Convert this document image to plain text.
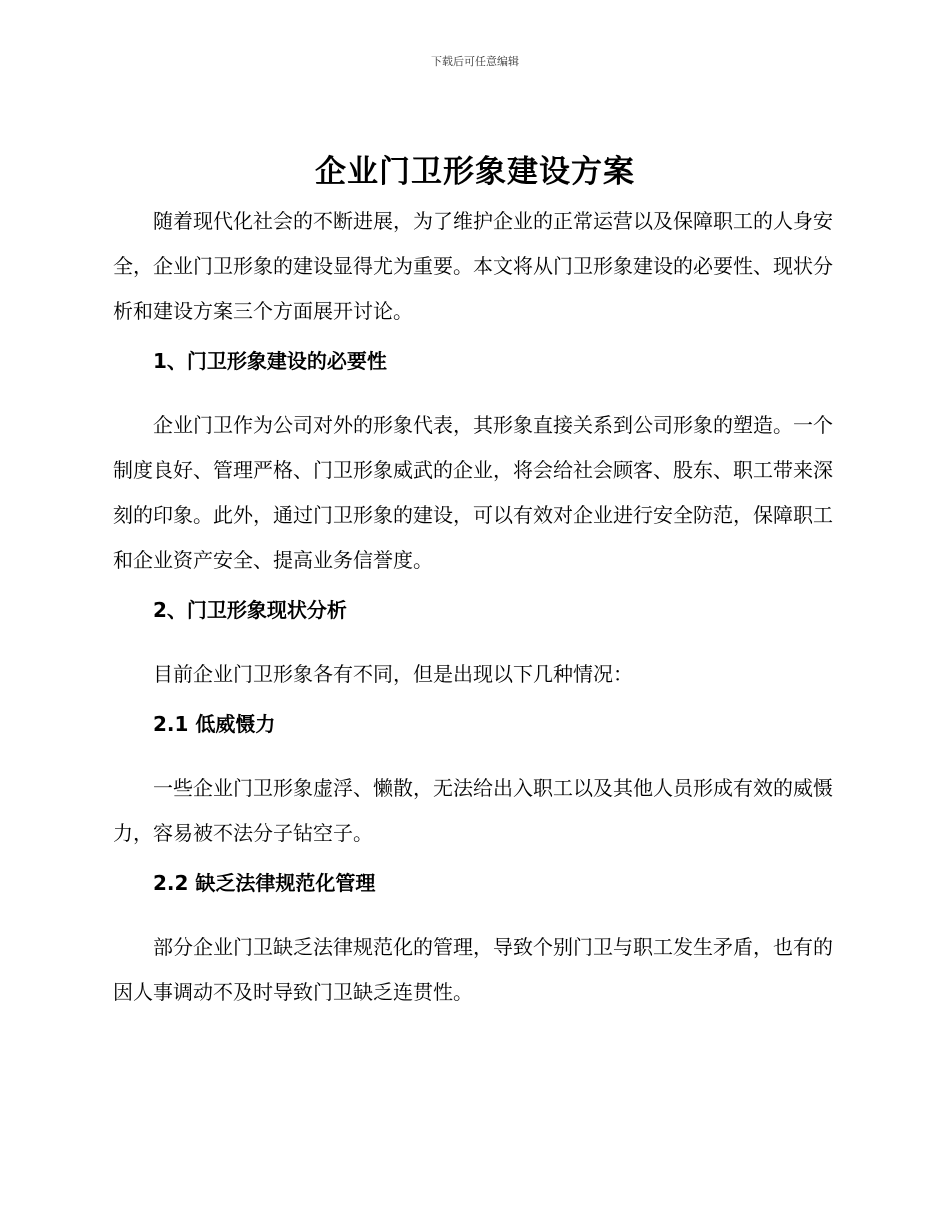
下载后可任意编辑
企业门卫形象建设方案

随着现代化社会的不断进展，为了维护企业的正常运营以及保障职工的人身安全，企业门卫形象的建设显得尤为重要。本文将从门卫形象建设的必要性、现状分析和建设方案三个方面展开讨论。

1、门卫形象建设的必要性

企业门卫作为公司对外的形象代表，其形象直接关系到公司形象的塑造。一个制度良好、管理严格、门卫形象威武的企业，将会给社会顾客、股东、职工带来深刻的印象。此外，通过门卫形象的建设，可以有效对企业进行安全防范，保障职工和企业资产安全、提高业务信誉度。

2、门卫形象现状分析

目前企业门卫形象各有不同，但是出现以下几种情况：

2.1 低威慑力

一些企业门卫形象虚浮、懒散，无法给出入职工以及其他人员形成有效的威慑力，容易被不法分子钻空子。

2.2 缺乏法律规范化管理

部分企业门卫缺乏法律规范化的管理，导致个别门卫与职工发生矛盾，也有的因人事调动不及时导致门卫缺乏连贯性。
